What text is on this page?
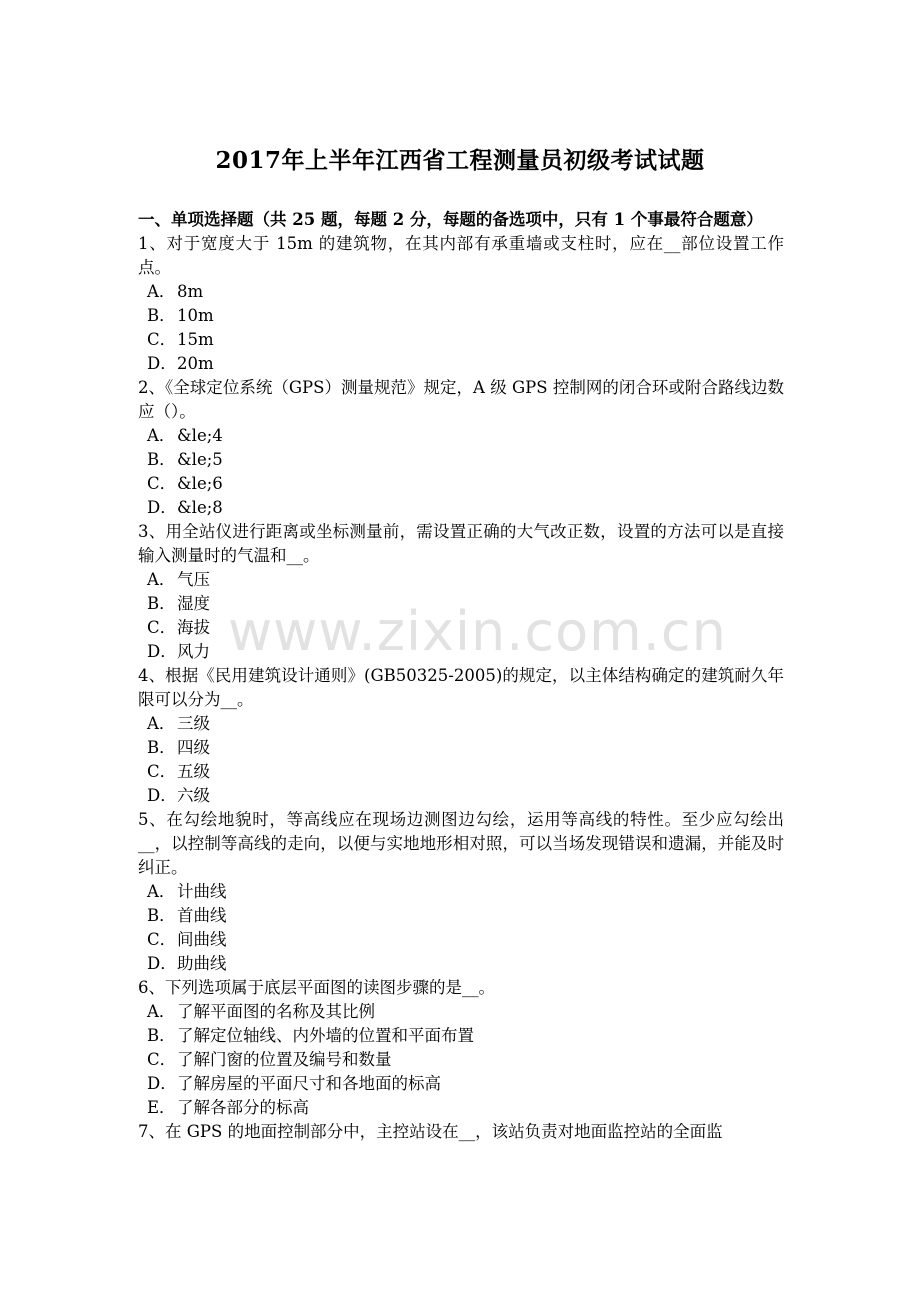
2017年上半年江西省工程测量员初级考试试题
一、单项选择题（共 25 题，每题 2 分，每题的备选项中，只有 1 个事最符合题意）
1、对于宽度大于 15m 的建筑物，在其内部有承重墙或支柱时，应在__部位设置工作点。
A．8m
B．10m
C．15m
D．20m
2、《全球定位系统（GPS）测量规范》规定，A 级 GPS 控制网的闭合环或附合路线边数应（）。
A．&le;4
B．&le;5
C．&le;6
D．&le;8
3、用全站仪进行距离或坐标测量前，需设置正确的大气改正数，设置的方法可以是直接输入测量时的气温和__。
A．气压
B．湿度
C．海拔
D．风力
4、根据《民用建筑设计通则》(GB50325-2005)的规定，以主体结构确定的建筑耐久年限可以分为__。
A．三级
B．四级
C．五级
D．六级
5、在勾绘地貌时，等高线应在现场边测图边勾绘，运用等高线的特性。至少应勾绘出__，以控制等高线的走向，以便与实地地形相对照，可以当场发现错误和遗漏，并能及时纠正。
A．计曲线
B．首曲线
C．间曲线
D．助曲线
6、下列选项属于底层平面图的读图步骤的是__。
A．了解平面图的名称及其比例
B．了解定位轴线、内外墙的位置和平面布置
C．了解门窗的位置及编号和数量
D．了解房屋的平面尺寸和各地面的标高
E．了解各部分的标高
7、在 GPS 的地面控制部分中，主控站设在__，该站负责对地面监控站的全面监
www.zixin.com.cn
